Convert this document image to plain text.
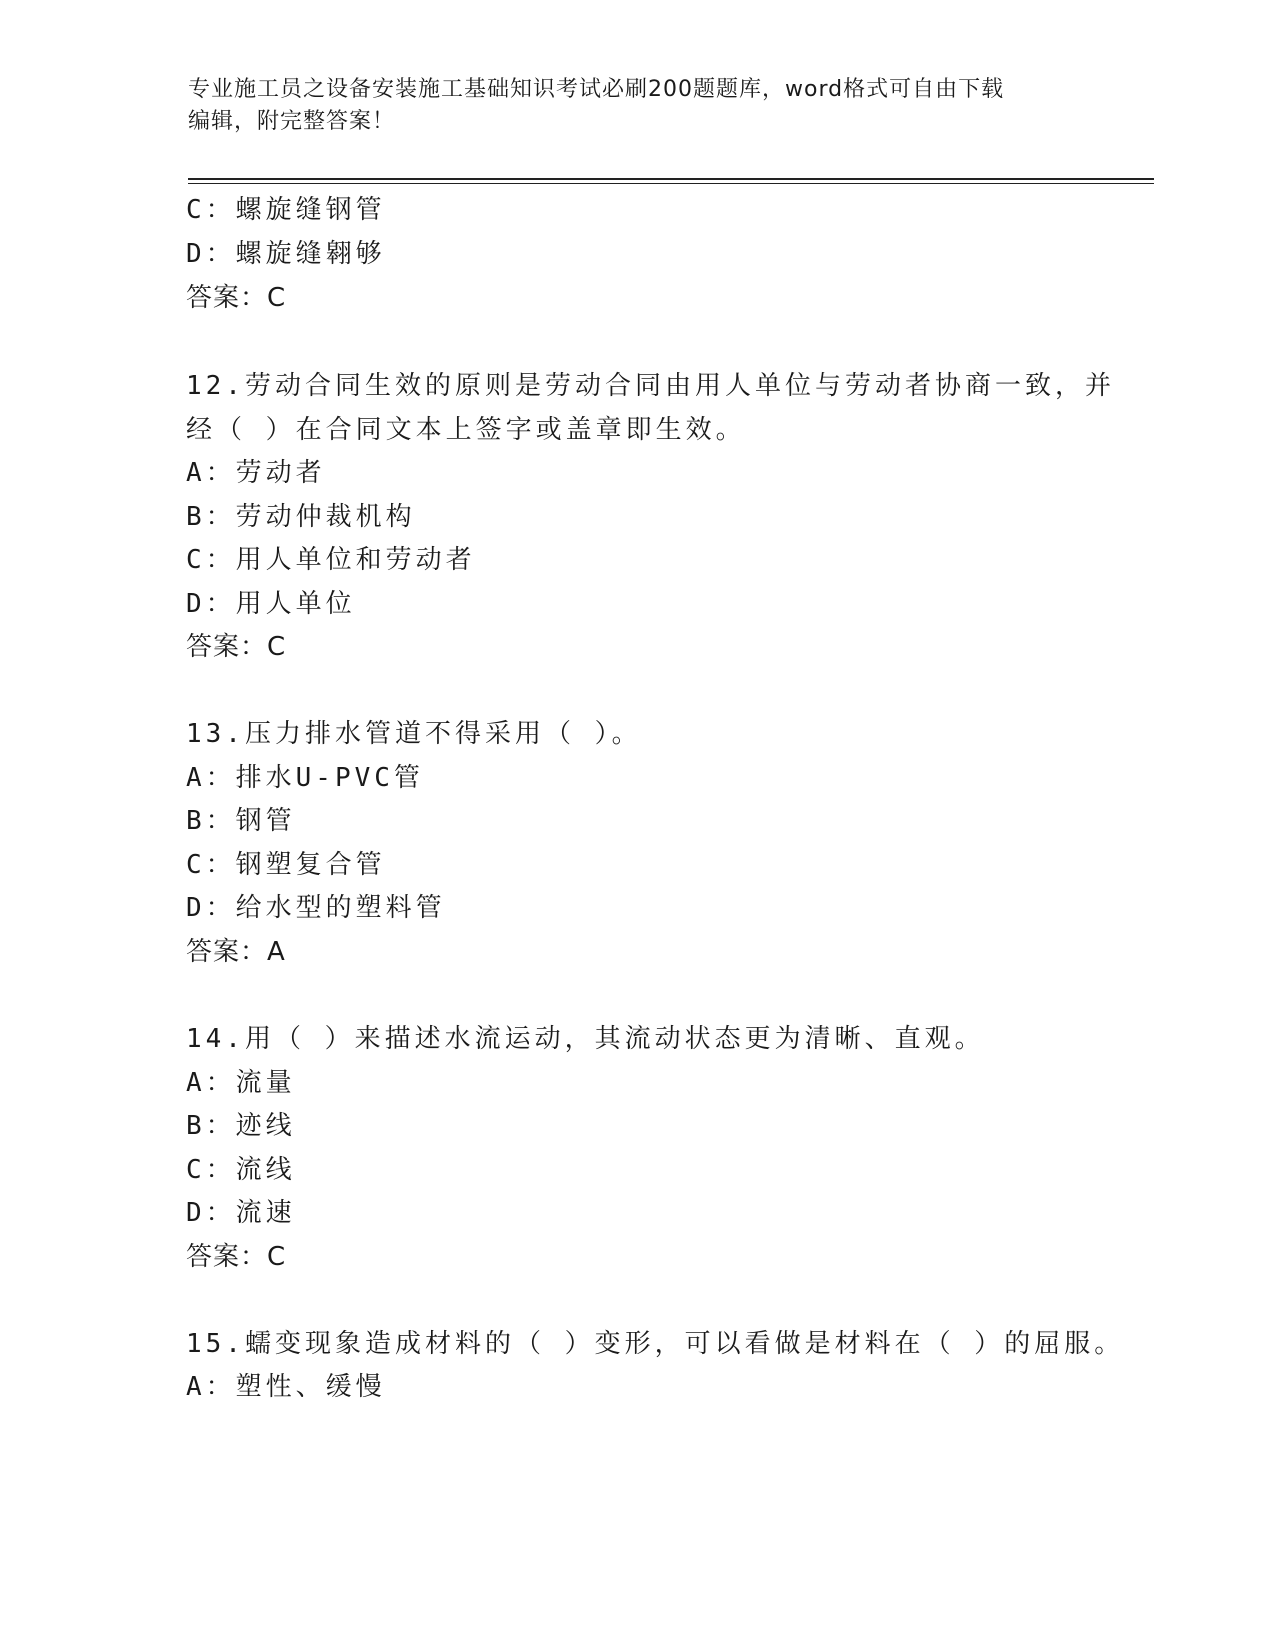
专业施工员之设备安装施工基础知识考试必刷200题题库，word格式可自由下载
编辑，附完整答案！
C：螺旋缝钢管
D：螺旋缝翱够
答案：C
12.劳动合同生效的原则是劳动合同由用人单位与劳动者协商一致，并
经（ ）在合同文本上签字或盖章即生效。
A：劳动者
B：劳动仲裁机构
C：用人单位和劳动者
D：用人单位
答案：C
13.压力排水管道不得采用（ ）。
A：排水U-PVC管
B：钢管
C：钢塑复合管
D：给水型的塑料管
答案：A
14.用（ ）来描述水流运动，其流动状态更为清晰、直观。
A：流量
B：迹线
C：流线
D：流速
答案：C
15.蠕变现象造成材料的（ ）变形，可以看做是材料在（ ）的屈服。
A：塑性、缓慢
